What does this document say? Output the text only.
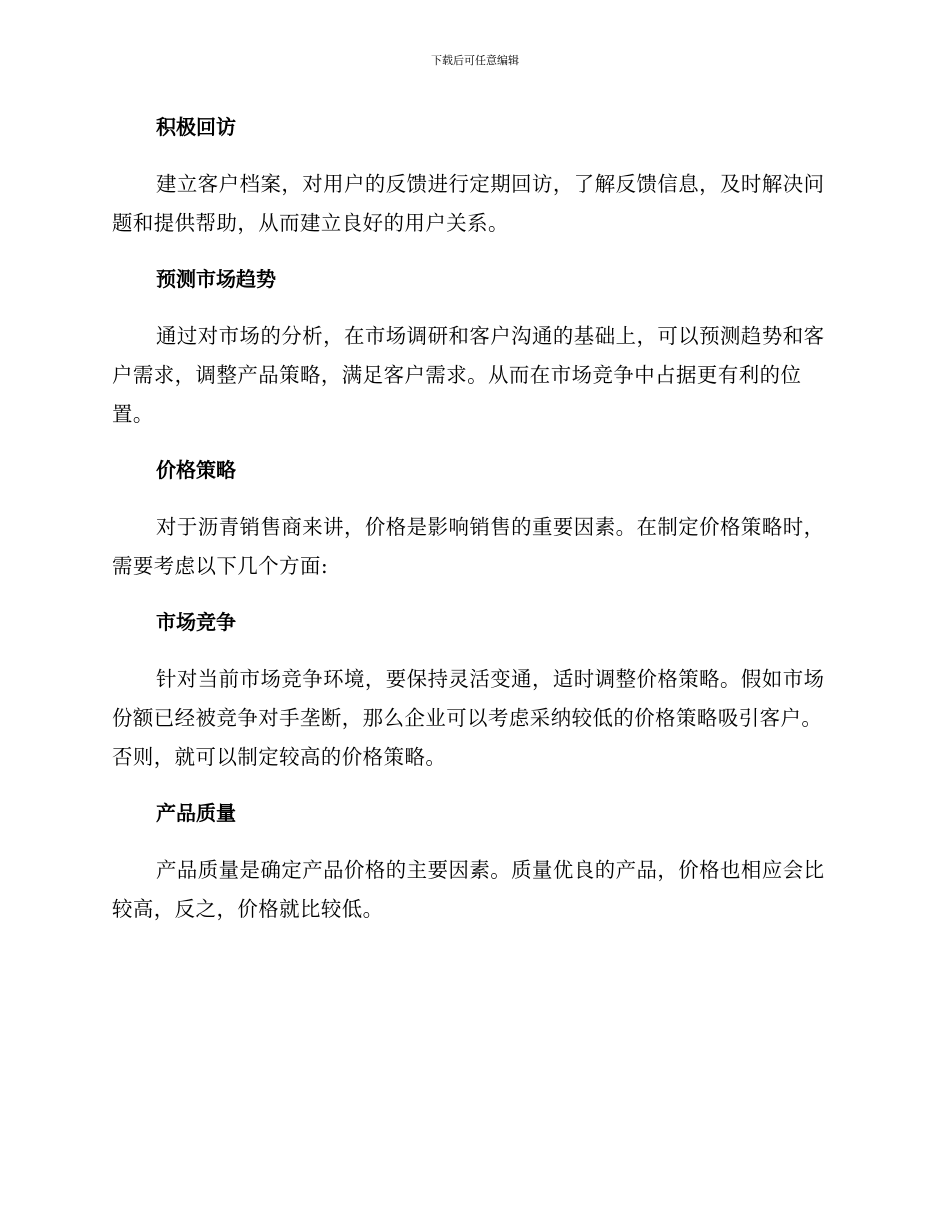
下载后可任意编辑
积极回访

建立客户档案，对用户的反馈进行定期回访，了解反馈信息，及时解决问题和提供帮助，从而建立良好的用户关系。

预测市场趋势

通过对市场的分析，在市场调研和客户沟通的基础上，可以预测趋势和客户需求，调整产品策略，满足客户需求。从而在市场竞争中占据更有利的位置。

价格策略

对于沥青销售商来讲，价格是影响销售的重要因素。在制定价格策略时，需要考虑以下几个方面:

市场竞争

针对当前市场竞争环境，要保持灵活变通，适时调整价格策略。假如市场份额已经被竞争对手垄断，那么企业可以考虑采纳较低的价格策略吸引客户。否则，就可以制定较高的价格策略。

产品质量

产品质量是确定产品价格的主要因素。质量优良的产品，价格也相应会比较高，反之，价格就比较低。
